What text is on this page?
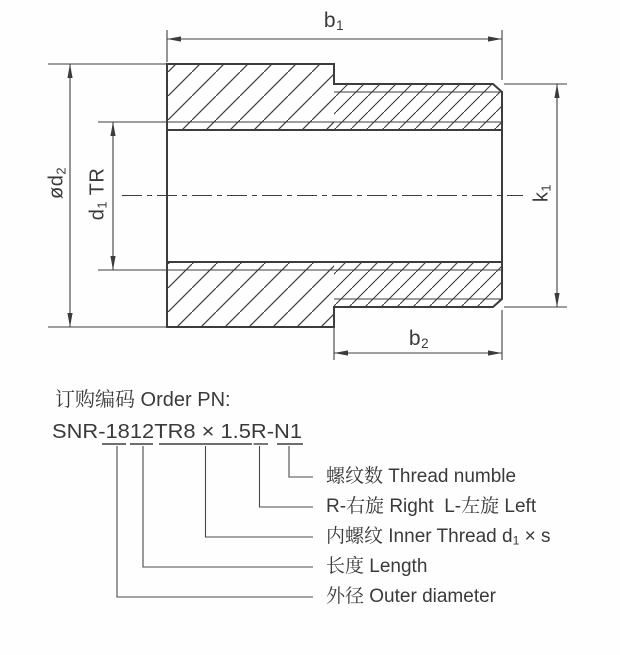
SNR-1812TR8 × 1.5R-N1
b1
ød2
d1 TR	k1
b2
订购编码 Order PN:
螺纹数 Thread numble
R-右旋 Right  L-左旋 Left
内螺纹 Inner Thread d1 × s
长度 Length
外径 Outer diameter
